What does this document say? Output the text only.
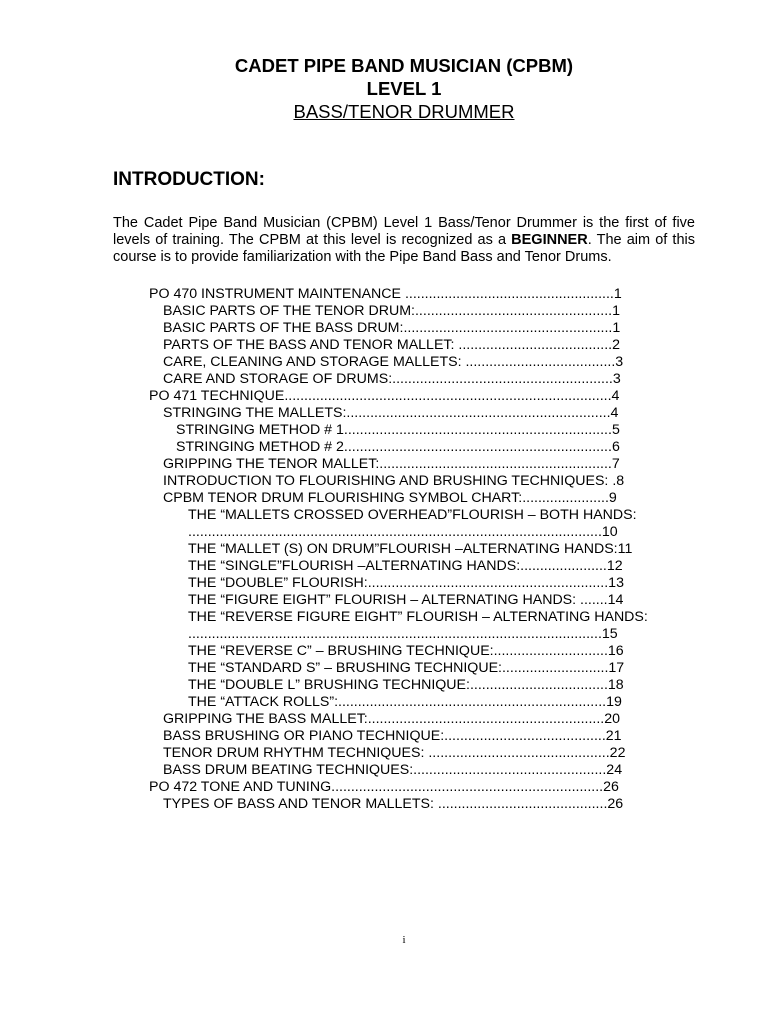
CADET PIPE BAND MUSICIAN (CPBM)
LEVEL 1
BASS/TENOR DRUMMER
INTRODUCTION:
The Cadet Pipe Band Musician (CPBM) Level 1 Bass/Tenor Drummer is the first of five levels of training. The CPBM at this level is recognized as a BEGINNER. The aim of this course is to provide familiarization with the Pipe Band Bass and Tenor Drums.
PO 470 INSTRUMENT MAINTENANCE .....................................................1
BASIC PARTS OF THE TENOR DRUM:..................................................1
BASIC PARTS OF THE BASS DRUM:.....................................................1
PARTS OF THE BASS AND TENOR MALLET: .......................................2
CARE, CLEANING AND STORAGE MALLETS: ......................................3
CARE AND STORAGE OF DRUMS:........................................................3
PO 471 TECHNIQUE...................................................................................4
STRINGING THE MALLETS:...................................................................4
STRINGING METHOD # 1....................................................................5
STRINGING METHOD # 2....................................................................6
GRIPPING THE TENOR MALLET:...........................................................7
INTRODUCTION TO FLOURISHING AND BRUSHING TECHNIQUES: .8
CPBM TENOR DRUM FLOURISHING SYMBOL CHART:......................9
THE “MALLETS CROSSED OVERHEAD”FLOURISH – BOTH HANDS:
.........................................................................................................10
THE “MALLET (S) ON DRUM”FLOURISH –ALTERNATING HANDS:11
THE “SINGLE”FLOURISH –ALTERNATING HANDS:......................12
THE “DOUBLE” FLOURISH:.............................................................13
THE “FIGURE EIGHT” FLOURISH – ALTERNATING HANDS: .......14
THE “REVERSE FIGURE EIGHT” FLOURISH – ALTERNATING HANDS:
.........................................................................................................15
THE “REVERSE C” – BRUSHING TECHNIQUE:.............................16
THE “STANDARD S” – BRUSHING TECHNIQUE:...........................17
THE “DOUBLE L” BRUSHING TECHNIQUE:...................................18
THE “ATTACK ROLLS”:....................................................................19
GRIPPING THE BASS MALLET:............................................................20
BASS BRUSHING OR PIANO TECHNIQUE:.........................................21
TENOR DRUM RHYTHM TECHNIQUES: ..............................................22
BASS DRUM BEATING TECHNIQUES:.................................................24
PO 472 TONE AND TUNING.....................................................................26
TYPES OF BASS AND TENOR MALLETS: ...........................................26
i
